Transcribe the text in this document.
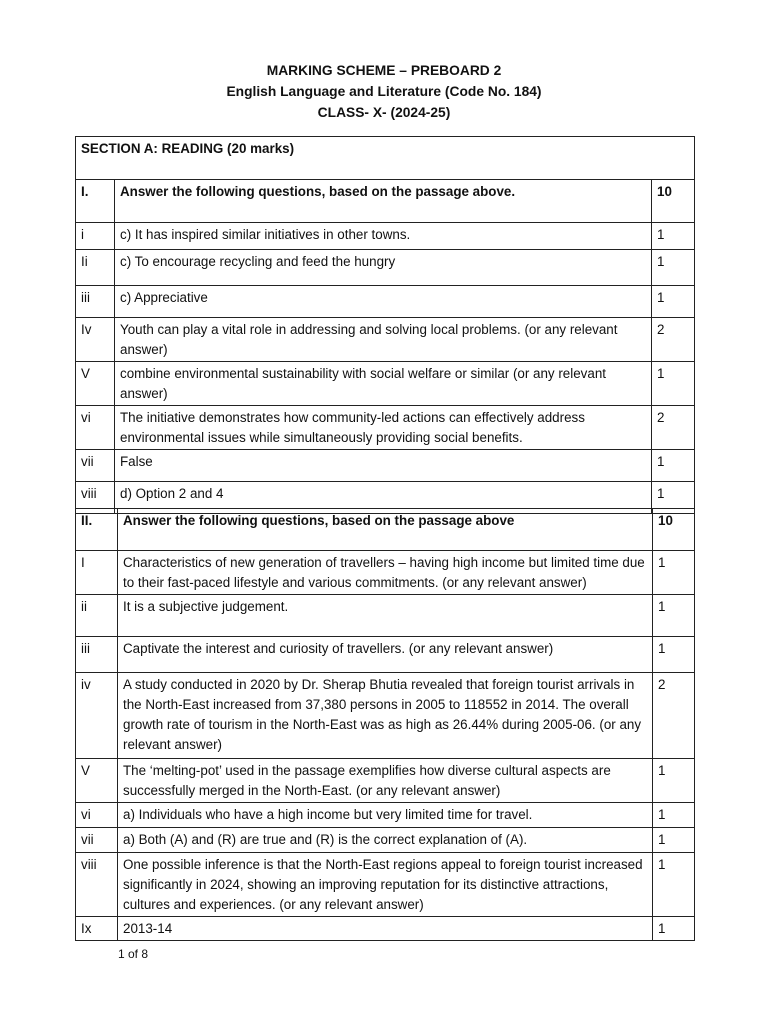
MARKING SCHEME – PREBOARD 2
English Language and Literature (Code No. 184)
CLASS- X- (2024-25)
SECTION A: READING (20 marks)		
I.	Answer the following questions, based on the passage above.	10
i	c) It has inspired similar initiatives in other towns.	1
Ii	c) To encourage recycling and feed the hungry	1
iii	c) Appreciative	1
Iv	Youth can play a vital role in addressing and solving local problems. (or any relevant answer)	2
V	combine environmental sustainability with social welfare or similar (or any relevant answer)	1
vi	The initiative demonstrates how community-led actions can effectively address environmental issues while simultaneously providing social benefits.	2
vii	False	1
viii	d) Option 2 and 4	1
II.	Answer the following questions, based on the passage above	10
I	Characteristics of new generation of travellers – having high income but limited time due to their fast-paced lifestyle and various commitments. (or any relevant answer)	1
ii	It is a subjective judgement.	1
iii	Captivate the interest and curiosity of travellers. (or any relevant answer)	1
iv	A study conducted in 2020 by Dr. Sherap Bhutia revealed that foreign tourist arrivals in the North-East increased from 37,380 persons in 2005 to 118552 in 2014. The overall growth rate of tourism in the North-East was as high as 26.44% during 2005-06. (or any relevant answer)	2
V	The ‘melting-pot’ used in the passage exemplifies how diverse cultural aspects are successfully merged in the North-East. (or any relevant answer)	1
vi	a) Individuals who have a high income but very limited time for travel.	1
vii	a) Both (A) and (R) are true and (R) is the correct explanation of (A).	1
viii	One possible inference is that the North-East regions appeal to foreign tourist increased significantly in 2024, showing an improving reputation for its distinctive attractions, cultures and experiences. (or any relevant answer)	1
Ix	2013-14	1
1 of 8
